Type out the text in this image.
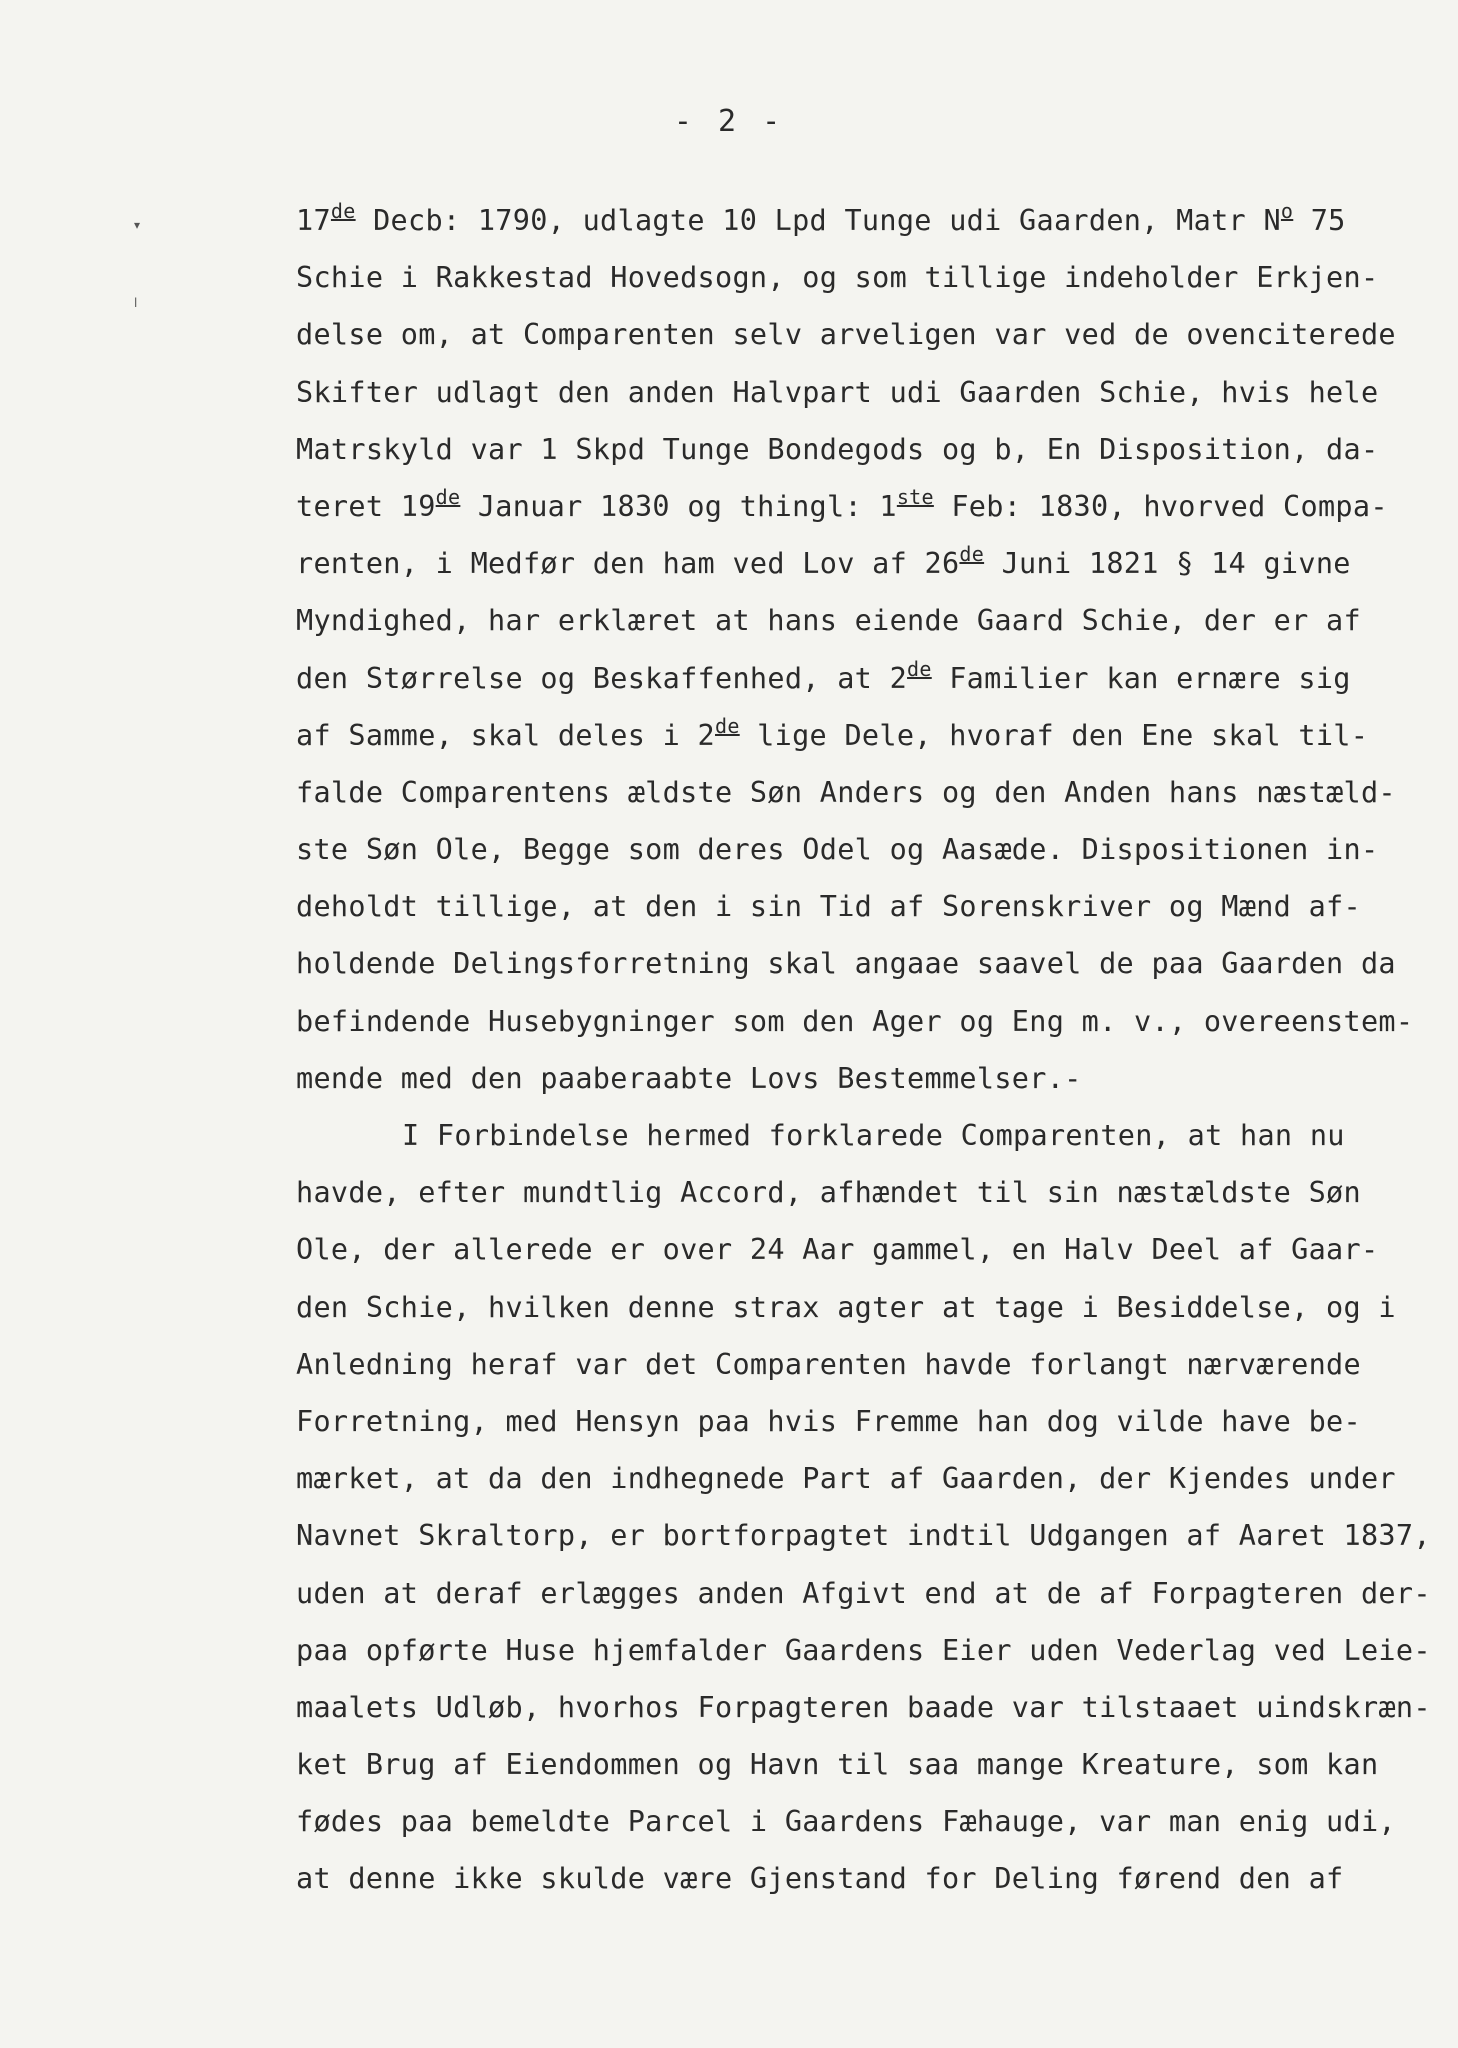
- 2 -
▾
ⅼ
17de Decb: 1790, udlagte 10 Lpd Tunge udi Gaarden, Matr $N^o$ 75
Schie i Rakkestad Hovedsogn, og som tillige indeholder Erkjen-
delse om, at Comparenten selv arveligen var ved de ovenciterede
Skifter udlagt den anden Halvpart udi Gaarden Schie, hvis hele
Matrskyld var 1 Skpd Tunge Bondegods og b, En Disposition, da-
teret 19de Januar 1830 og thingl: 1ste Feb: 1830, hvorved Compa-
renten, i Medfør den ham ved Lov af 26de Juni 1821 § 14 givne
Myndighed, har erklæret at hans eiende Gaard Schie, der er af
den Størrelse og Beskaffenhed, at 2de Familier kan ernære sig
af Samme, skal deles i 2de lige Dele, hvoraf den Ene skal til-
falde Comparentens ældste Søn Anders og den Anden hans næstæld-
ste Søn Ole, Begge som deres Odel og Aasæde. Dispositionen in-
deholdt tillige, at den i sin Tid af Sorenskriver og Mænd af-
holdende Delingsforretning skal angaae saavel de paa Gaarden da
befindende Husebygninger som den Ager og Eng m. v., overeenstem-
mende med den paaberaabte Lovs Bestemmelser.-
I Forbindelse hermed forklarede Comparenten, at han nu
havde, efter mundtlig Accord, afhændet til sin næstældste Søn
Ole, der allerede er over 24 Aar gammel, en Halv Deel af Gaar-
den Schie, hvilken denne strax agter at tage i Besiddelse, og i
Anledning heraf var det Comparenten havde forlangt nærværende
Forretning, med Hensyn paa hvis Fremme han dog vilde have be-
mærket, at da den indhegnede Part af Gaarden, der Kjendes under
Navnet Skraltorp, er bortforpagtet indtil Udgangen af Aaret 1837,
uden at deraf erlægges anden Afgivt end at de af Forpagteren der-
paa opførte Huse hjemfalder Gaardens Eier uden Vederlag ved Leie-
maalets Udløb, hvorhos Forpagteren baade var tilstaaet uindskræn-
ket Brug af Eiendommen og Havn til saa mange Kreature, som kan
fødes paa bemeldte Parcel i Gaardens Fæhauge, var man enig udi,
at denne ikke skulde være Gjenstand for Deling førend den af
